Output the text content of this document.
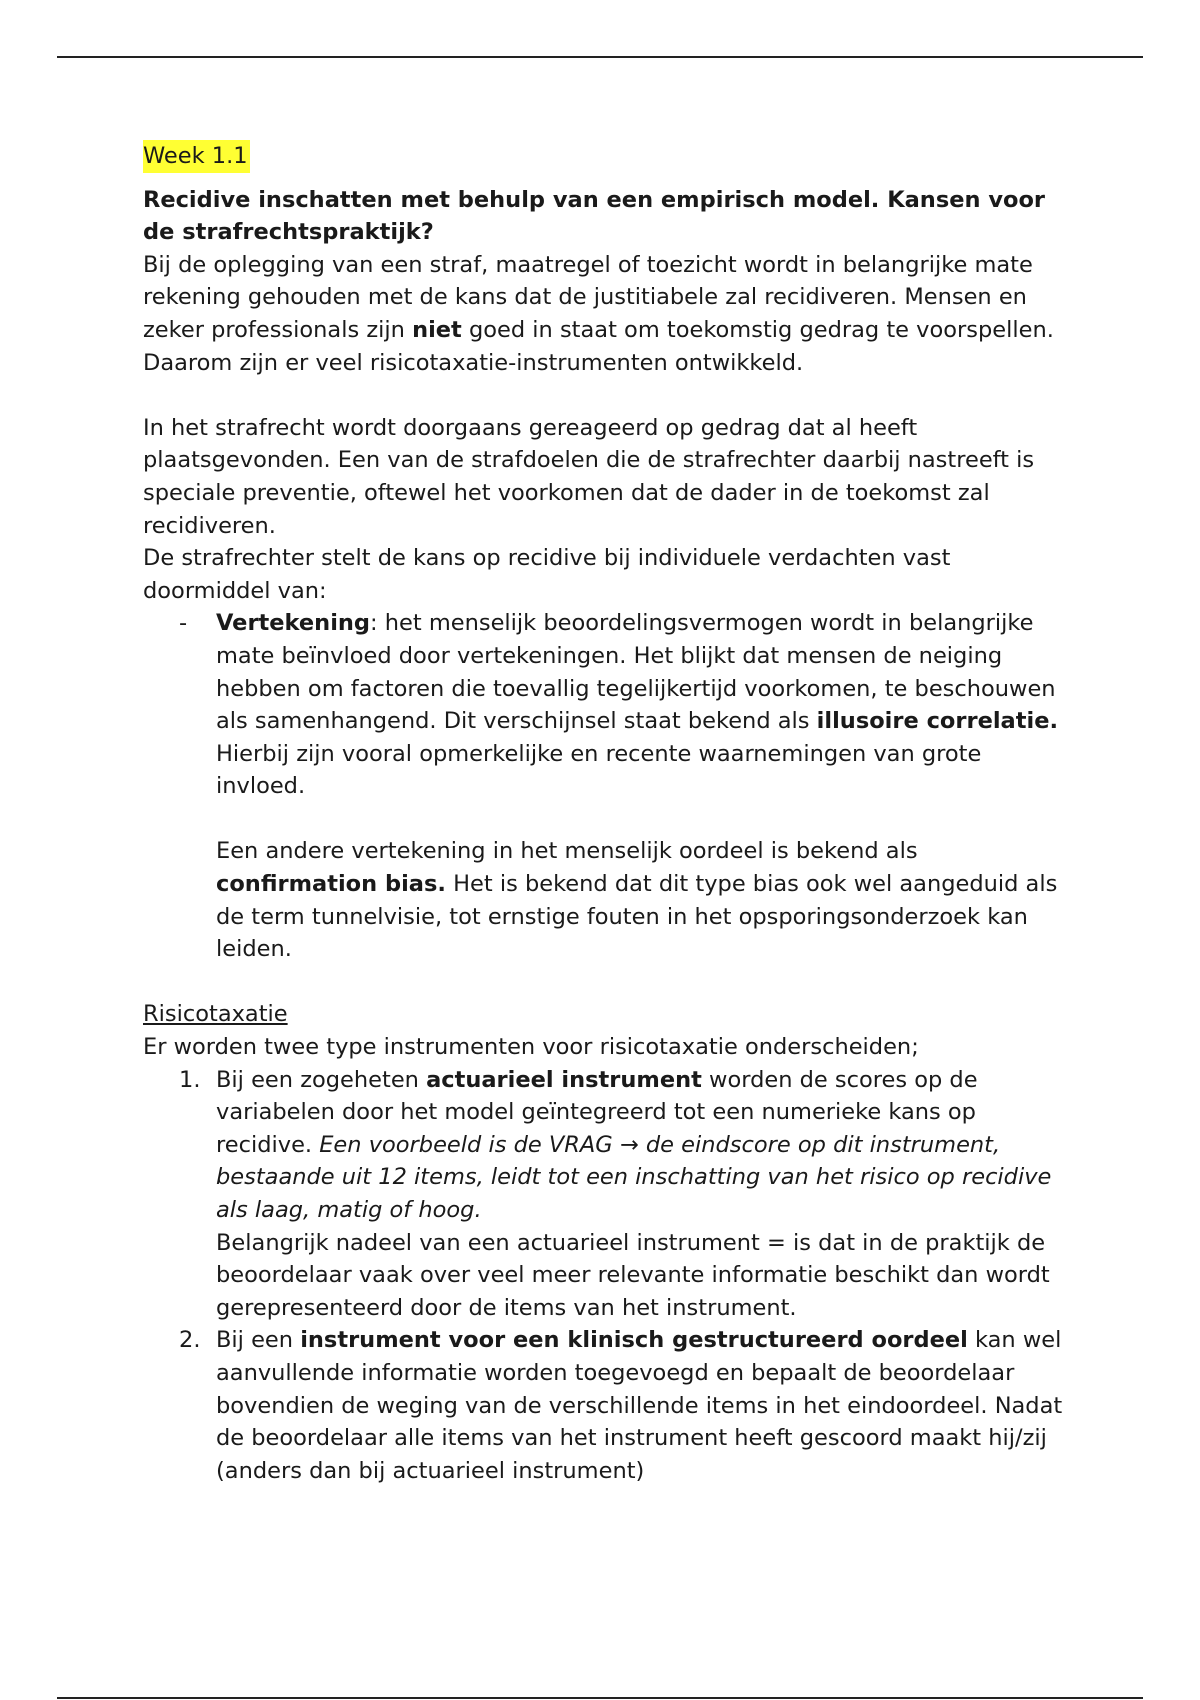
Week 1.1

Recidive inschatten met behulp van een empirisch model. Kansen voor de strafrechtspraktijk?

Bij de oplegging van een straf, maatregel of toezicht wordt in belangrijke mate rekening gehouden met de kans dat de justitiabele zal recidiveren. Mensen en zeker professionals zijn niet goed in staat om toekomstig gedrag te voorspellen. Daarom zijn er veel risicotaxatie-instrumenten ontwikkeld.

In het strafrecht wordt doorgaans gereageerd op gedrag dat al heeft plaatsgevonden. Een van de strafdoelen die de strafrechter daarbij nastreeft is speciale preventie, oftewel het voorkomen dat de dader in de toekomst zal recidiveren.

De strafrechter stelt de kans op recidive bij individuele verdachten vast doormiddel van:

- Vertekening: het menselijk beoordelingsvermogen wordt in belangrijke mate beïnvloed door vertekeningen. Het blijkt dat mensen de neiging hebben om factoren die toevallig tegelijkertijd voorkomen, te beschouwen als samenhangend. Dit verschijnsel staat bekend als illusoire correlatie. Hierbij zijn vooral opmerkelijke en recente waarnemingen van grote invloed.
Een andere vertekening in het menselijk oordeel is bekend als confirmation bias. Het is bekend dat dit type bias ook wel aangeduid als de term tunnelvisie, tot ernstige fouten in het opsporingsonderzoek kan leiden.

Risicotaxatie

Er worden twee type instrumenten voor risicotaxatie onderscheiden;

1. Bij een zogeheten actuarieel instrument worden de scores op de variabelen door het model geïntegreerd tot een numerieke kans op recidive. Een voorbeeld is de VRAG → de eindscore op dit instrument, bestaande uit 12 items, leidt tot een inschatting van het risico op recidive als laag, matig of hoog.
Belangrijk nadeel van een actuarieel instrument = is dat in de praktijk de beoordelaar vaak over veel meer relevante informatie beschikt dan wordt gerepresenteerd door de items van het instrument.
2. Bij een instrument voor een klinisch gestructureerd oordeel kan wel aanvullende informatie worden toegevoegd en bepaalt de beoordelaar bovendien de weging van de verschillende items in het eindoordeel. Nadat de beoordelaar alle items van het instrument heeft gescoord maakt hij/zij (anders dan bij actuarieel instrument)
